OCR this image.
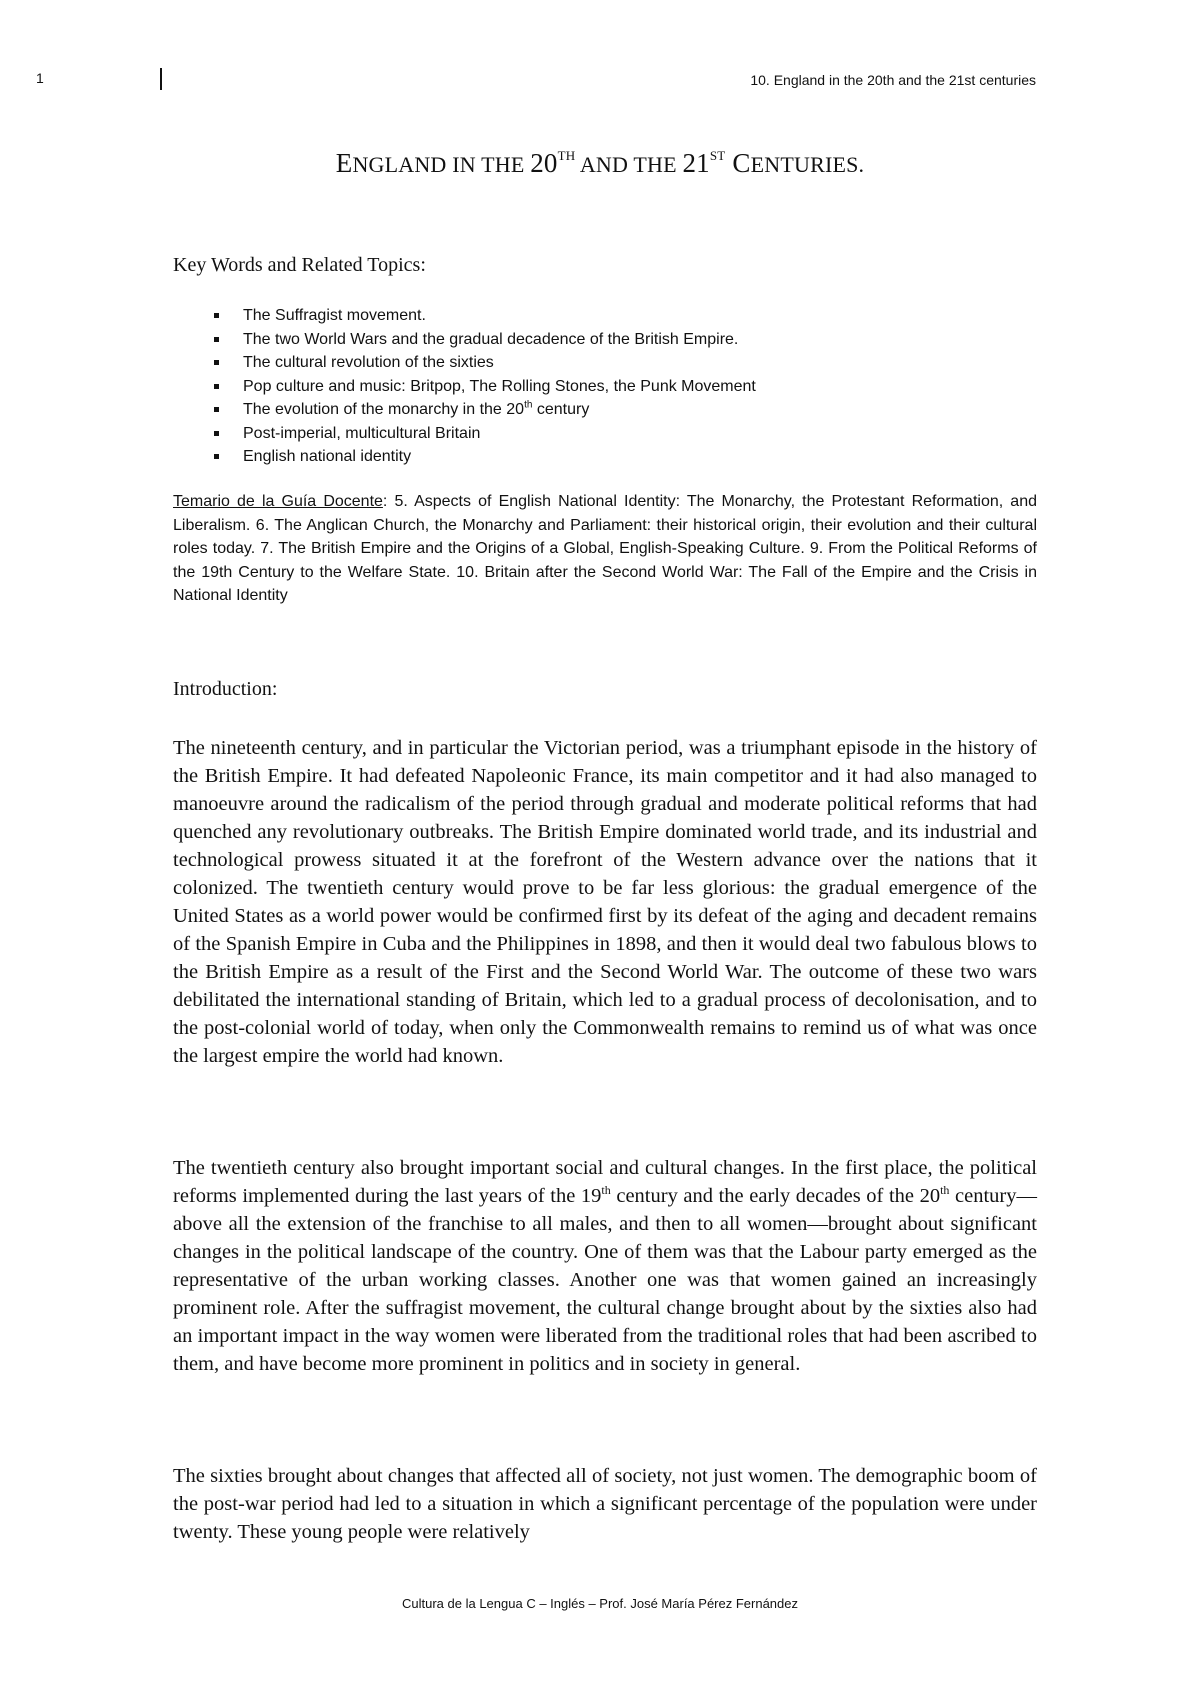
1	10. England in the 20th and the 21st centuries
ENGLAND IN THE 20TH AND THE 21ST CENTURIES.
Key Words and Related Topics:
The Suffragist movement.
The two World Wars and the gradual decadence of the British Empire.
The cultural revolution of the sixties
Pop culture and music: Britpop, The Rolling Stones, the Punk Movement
The evolution of the monarchy in the 20th century
Post-imperial, multicultural Britain
English national identity
Temario de la Guía Docente: 5. Aspects of English National Identity: The Monarchy, the Protestant Reformation, and Liberalism. 6. The Anglican Church, the Monarchy and Parliament: their historical origin, their evolution and their cultural roles today. 7. The British Empire and the Origins of a Global, English-Speaking Culture. 9. From the Political Reforms of the 19th Century to the Welfare State. 10. Britain after the Second World War: The Fall of the Empire and the Crisis in National Identity
Introduction:

The nineteenth century, and in particular the Victorian period, was a triumphant episode in the history of the British Empire. It had defeated Napoleonic France, its main competitor and it had also managed to manoeuvre around the radicalism of the period through gradual and moderate political reforms that had quenched any revolutionary outbreaks. The British Empire dominated world trade, and its industrial and technological prowess situated it at the forefront of the Western advance over the nations that it colonized. The twentieth century would prove to be far less glorious: the gradual emergence of the United States as a world power would be confirmed first by its defeat of the aging and decadent remains of the Spanish Empire in Cuba and the Philippines in 1898, and then it would deal two fabulous blows to the British Empire as a result of the First and the Second World War. The outcome of these two wars debilitated the international standing of Britain, which led to a gradual process of decolonisation, and to the post-colonial world of today, when only the Commonwealth remains to remind us of what was once the largest empire the world had known.

The twentieth century also brought important social and cultural changes. In the first place, the political reforms implemented during the last years of the 19th century and the early decades of the 20th century—above all the extension of the franchise to all males, and then to all women—brought about significant changes in the political landscape of the country. One of them was that the Labour party emerged as the representative of the urban working classes. Another one was that women gained an increasingly prominent role. After the suffragist movement, the cultural change brought about by the sixties also had an important impact in the way women were liberated from the traditional roles that had been ascribed to them, and have become more prominent in politics and in society in general.

The sixties brought about changes that affected all of society, not just women. The demographic boom of the post-war period had led to a situation in which a significant percentage of the population were under twenty. These young people were relatively

Cultura de la Lengua C – Inglés – Prof. José María Pérez Fernández
